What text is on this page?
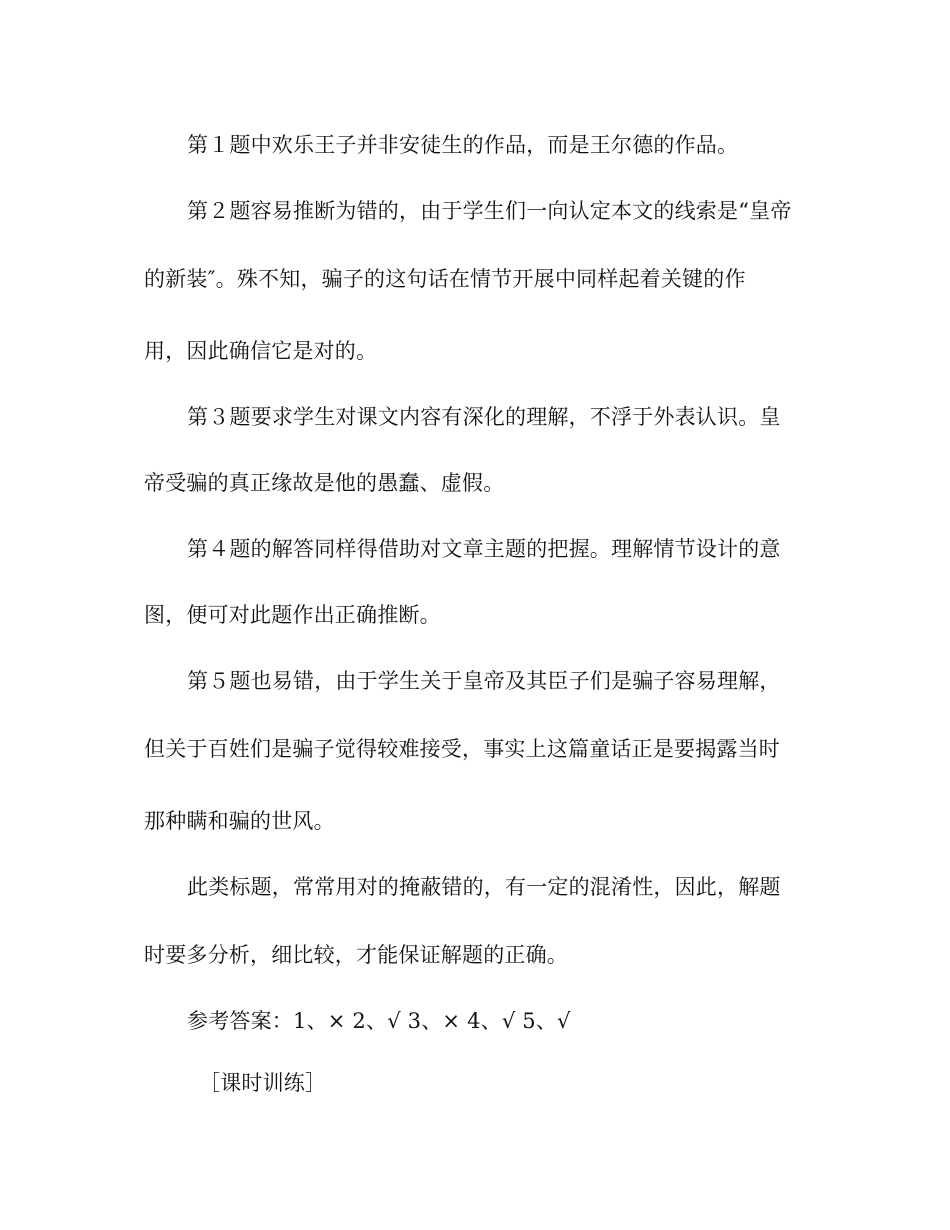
第１题中欢乐王子并非安徒生的作品，而是王尔德的作品。
第２题容易推断为错的，由于学生们一向认定本文的线索是“皇帝
的新装″。殊不知，骗子的这句话在情节开展中同样起着关键的作
用，因此确信它是对的。
第３题要求学生对课文内容有深化的理解，不浮于外表认识。皇
帝受骗的真正缘故是他的愚蠢、虚假。
第４题的解答同样得借助对文章主题的把握。理解情节设计的意
图，便可对此题作出正确推断。
第５题也易错，由于学生关于皇帝及其臣子们是骗子容易理解，
但关于百姓们是骗子觉得较难接受，事实上这篇童话正是要揭露当时
那种瞒和骗的世风。
此类标题，常常用对的掩蔽错的，有一定的混淆性，因此，解题
时要多分析，细比较，才能保证解题的正确。
参考答案：1、× 2、√ 3、× 4、√ 5、√
［课时训练］
